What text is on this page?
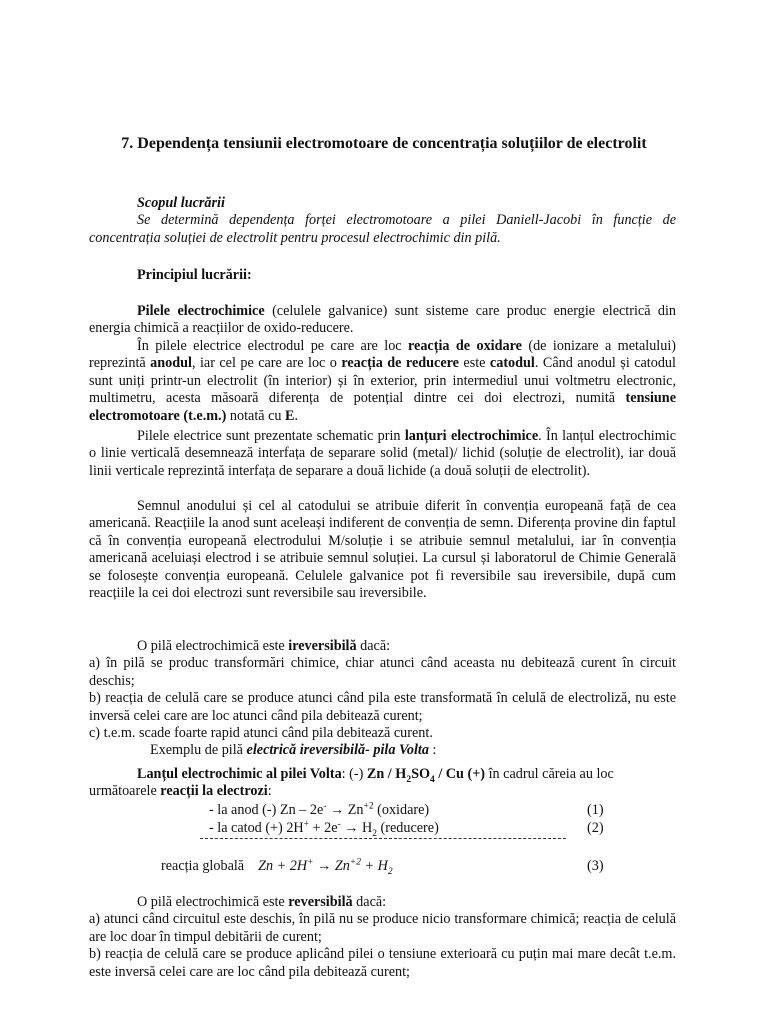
7. Dependența tensiunii electromotoare de concentrația soluțiilor de electrolit
Scopul lucrării
Se determină dependența forței electromotoare a pilei Daniell-Jacobi în funcție de concentrația soluției de electrolit pentru procesul electrochimic din pilă.
Principiul lucrării:
Pilele electrochimice (celulele galvanice) sunt sisteme care produc energie electrică din energia chimică a reacțiilor de oxido-reducere.
În pilele electrice electrodul pe care are loc reacția de oxidare (de ionizare a metalului) reprezintă anodul, iar cel pe care are loc o reacția de reducere este catodul. Când anodul și catodul sunt uniți printr-un electrolit (în interior) și în exterior, prin intermediul unui voltmetru electronic, multimetru, acesta măsoară diferența de potențial dintre cei doi electrozi, numită tensiune electromotoare (t.e.m.) notată cu E.
Pilele electrice sunt prezentate schematic prin lanțuri electrochimice. În lanțul electrochimic o linie verticală desemnează interfața de separare solid (metal)/ lichid (soluție de electrolit), iar două linii verticale reprezintă interfața de separare a două lichide (a două soluții de electrolit).
Semnul anodului și cel al catodului se atribuie diferit în convenția europeană față de cea americană. Reacțiile la anod sunt aceleași indiferent de convenția de semn. Diferența provine din faptul că în convenția europeană electrodului M/soluție i se atribuie semnul metalului, iar în convenția americană aceluiași electrod i se atribuie semnul soluției. La cursul și laboratorul de Chimie Generală se folosește convenția europeană. Celulele galvanice pot fi reversibile sau ireversibile, după cum reacțiile la cei doi electrozi sunt reversibile sau ireversibile.
O pilă electrochimică este ireversibilă dacă:
a) în pilă se produc transformări chimice, chiar atunci când aceasta nu debitează curent în circuit deschis;
b) reacția de celulă care se produce atunci când pila este transformată în celulă de electroliză, nu este inversă celei care are loc atunci când pila debitează curent;
c) t.e.m. scade foarte rapid atunci când pila debitează curent.
Exemplu de pilă electrică ireversibilă- pila Volta :
Lanțul electrochimic al pilei Volta: (-) Zn / $H_2SO_4$ / Cu (+) în cadrul căreia au loc
următoarele reacții la electrozi:
- la anod (-) $Zn - 2e^- \to Zn^{+2}$ (oxidare)	(1)
- la catod (+) $2H^+ + 2e^- \to H_2$ (reducere)	(2)
reacția globală $Zn + 2H^+ \to Zn^{+2} + H_2$	(3)
O pilă electrochimică este reversibilă dacă:
a) atunci când circuitul este deschis, în pilă nu se produce nicio transformare chimică; reacția de celulă are loc doar în timpul debitării de curent;
b) reacția de celulă care se produce aplicând pilei o tensiune exterioară cu puțin mai mare decât t.e.m. este inversă celei care are loc când pila debitează curent;
